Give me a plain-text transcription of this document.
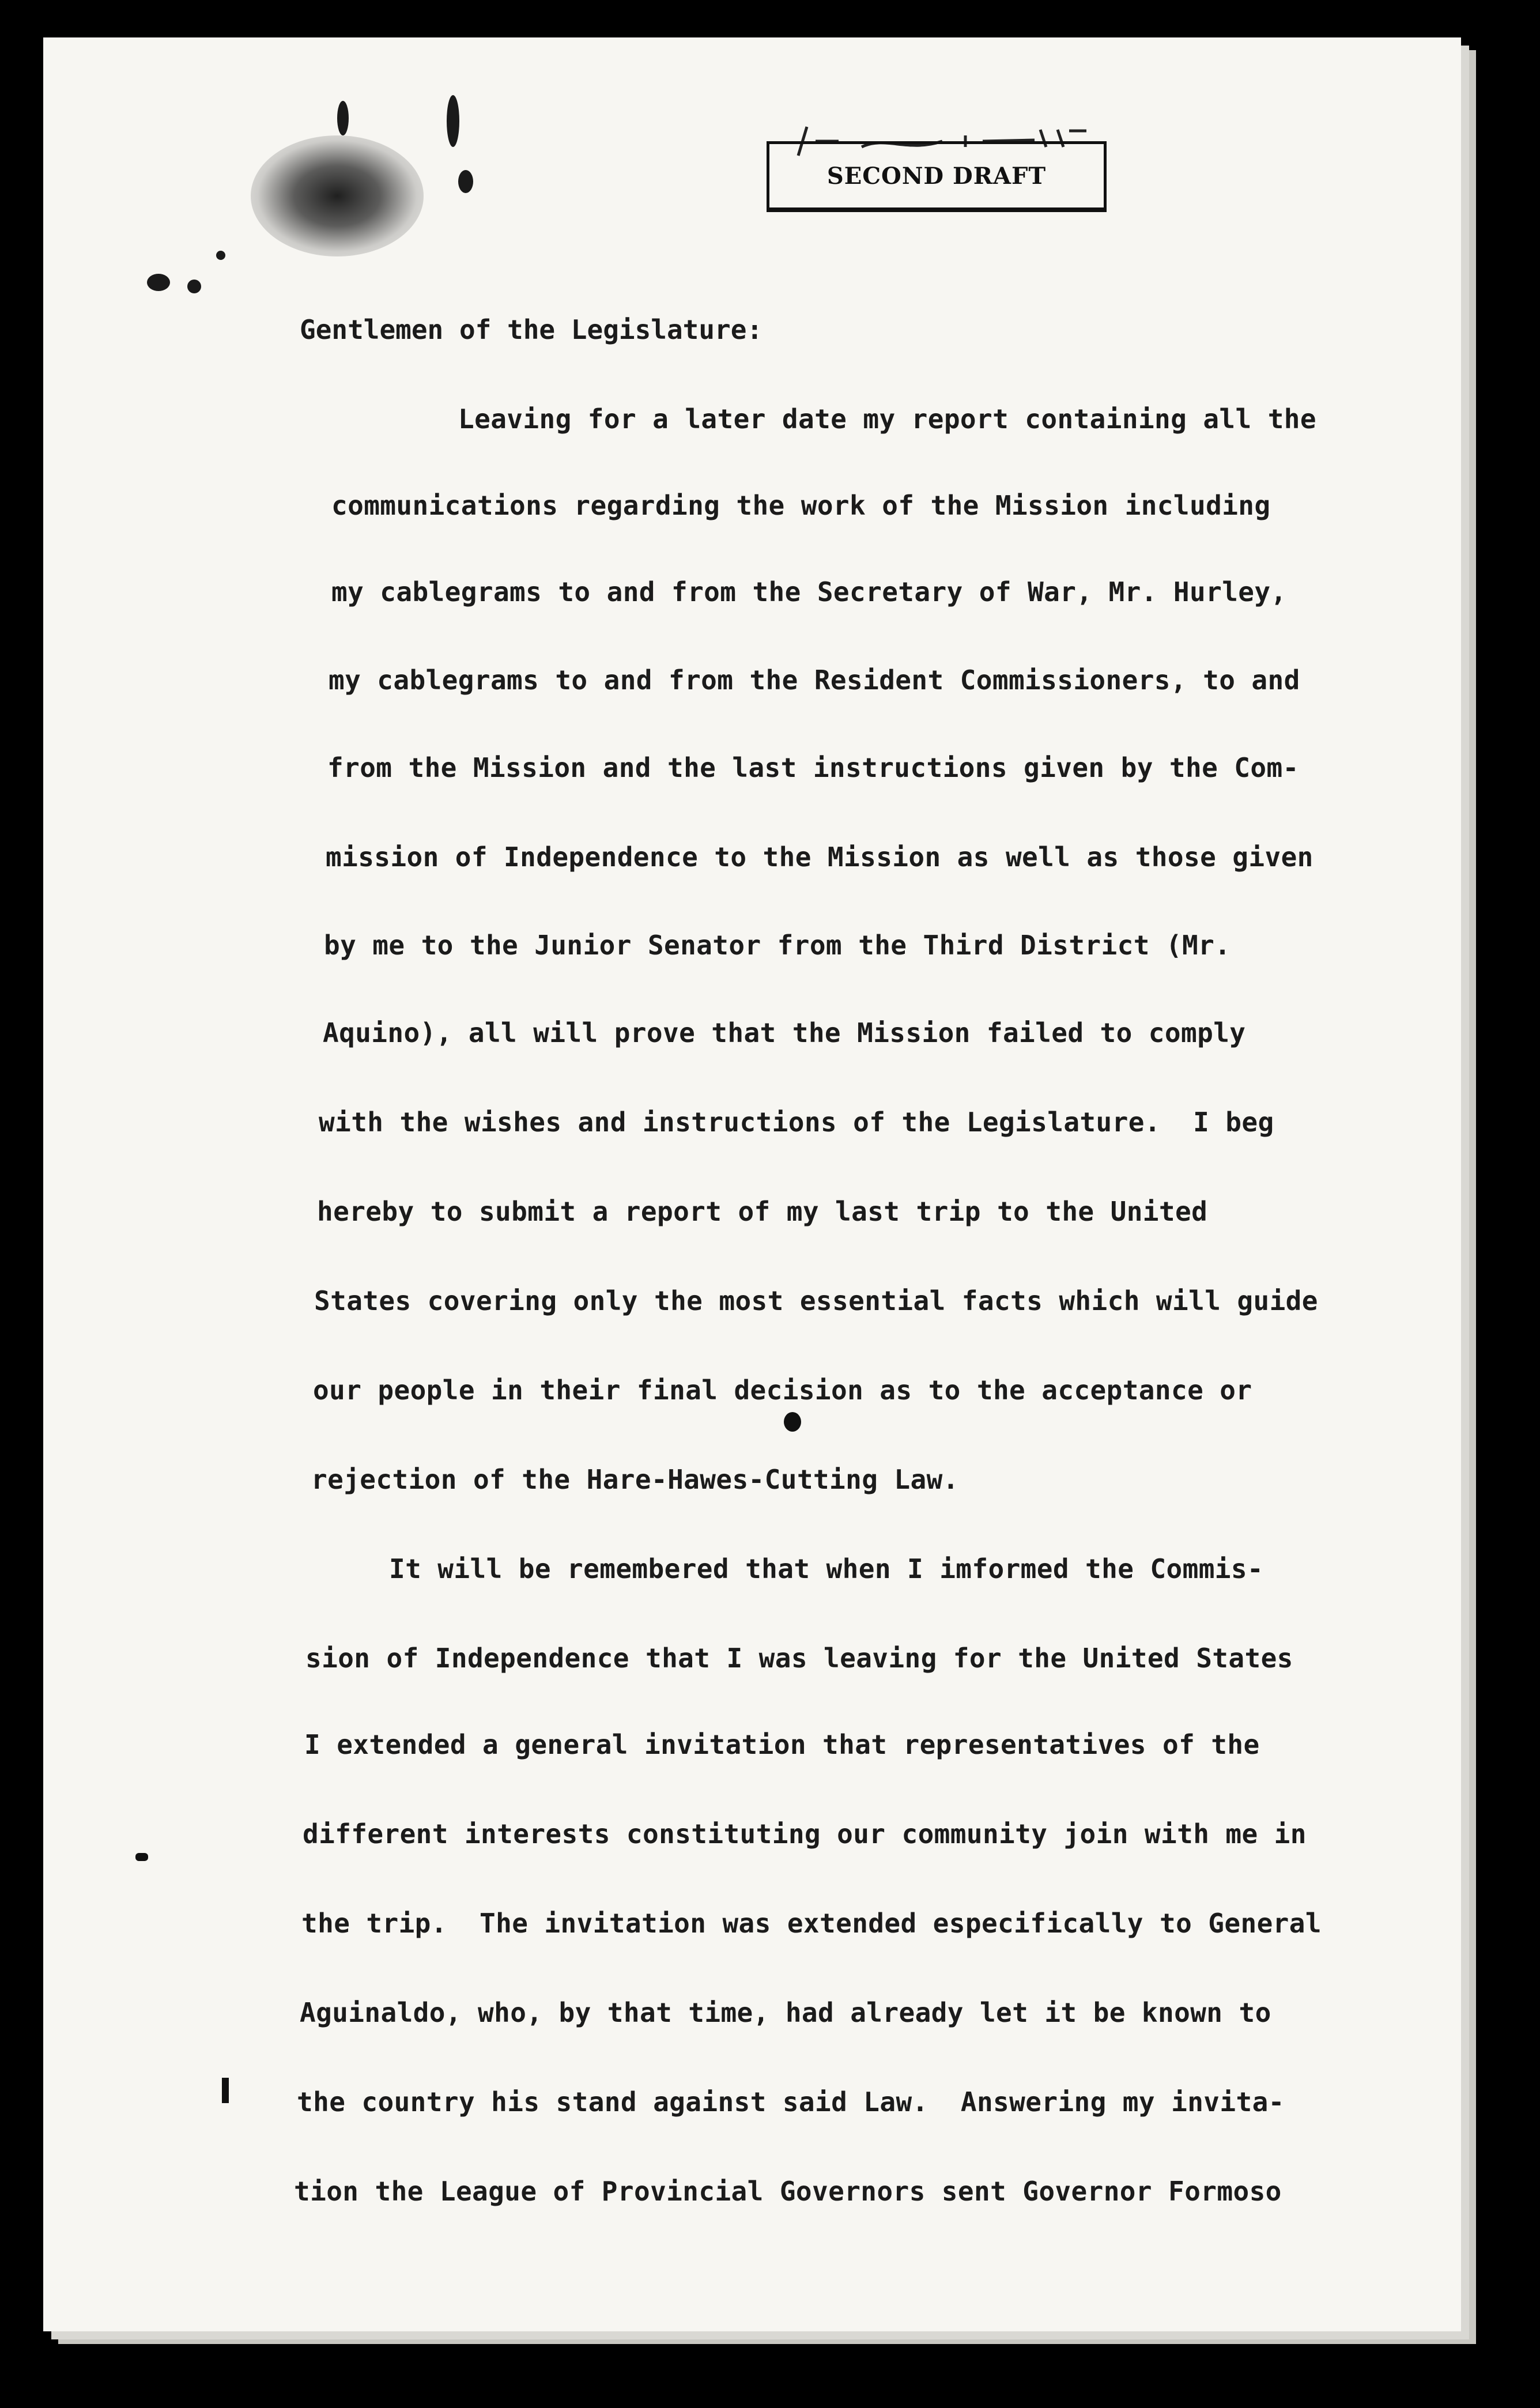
SECOND DRAFT
Gentlemen of the Legislature:
Leaving for a later date my report containing all the
communications regarding the work of the Mission including
my cablegrams to and from the Secretary of War, Mr. Hurley,
my cablegrams to and from the Resident Commissioners, to and
from the Mission and the last instructions given by the Com-
mission of Independence to the Mission as well as those given
by me to the Junior Senator from the Third District (Mr.
Aquino), all will prove that the Mission failed to comply
with the wishes and instructions of the Legislature.  I beg
hereby to submit a report of my last trip to the United
States covering only the most essential facts which will guide
our people in their final decision as to the acceptance or
rejection of the Hare-Hawes-Cutting Law.
It will be remembered that when I imformed the Commis-
sion of Independence that I was leaving for the United States
I extended a general invitation that representatives of the
different interests constituting our community join with me in
the trip.  The invitation was extended especifically to General
Aguinaldo, who, by that time, had already let it be known to
the country his stand against said Law.  Answering my invita-
tion the League of Provincial Governors sent Governor Formoso
